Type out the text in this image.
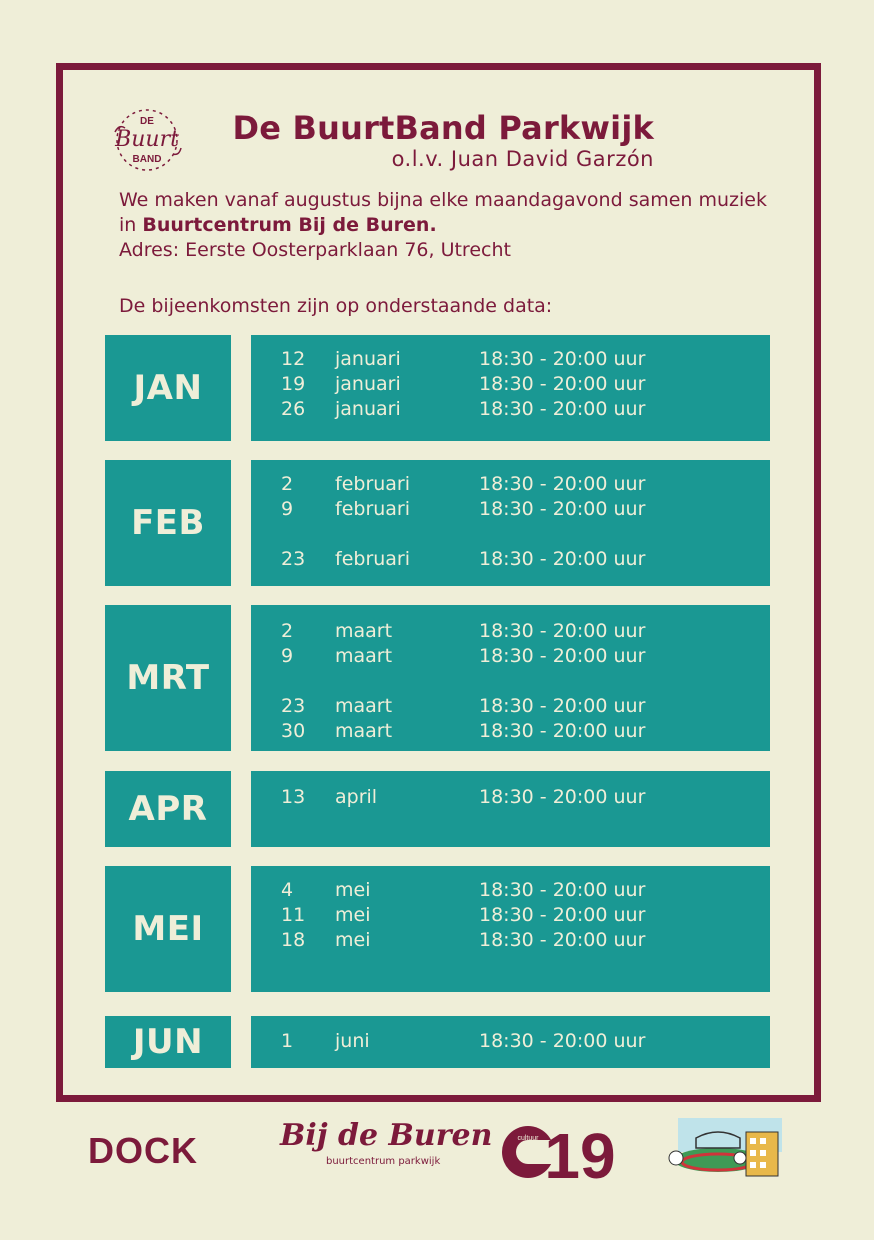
DE
Buurt
BAND
De BuurtBand Parkwijk
o.l.v. Juan David Garzón
We maken vanaf augustus bijna elke maandagavond samen muziek
in Buurtcentrum Bij de Buren.
Adres: Eerste Oosterparklaan 76, Utrecht
De bijeenkomsten zijn op onderstaande data:
JAN
12 januari	18:30 - 20:00 uur
19 januari	18:30 - 20:00 uur
26 januari	18:30 - 20:00 uur
FEB
2 februari	18:30 - 20:00 uur
9 februari	18:30 - 20:00 uur
23 februari	18:30 - 20:00 uur
MRT
2 maart	18:30 - 20:00 uur
9 maart	18:30 - 20:00 uur
23 maart	18:30 - 20:00 uur
30 maart	18:30 - 20:00 uur
APR	13 april	18:30 - 20:00 uur
MEI
4 mei	18:30 - 20:00 uur
11 mei	18:30 - 20:00 uur
18 mei	18:30 - 20:00 uur
JUN	1 juni	18:30 - 20:00 uur
DOCK	Bij de Buren
buurtcentrum parkwijk
cultuur 19
